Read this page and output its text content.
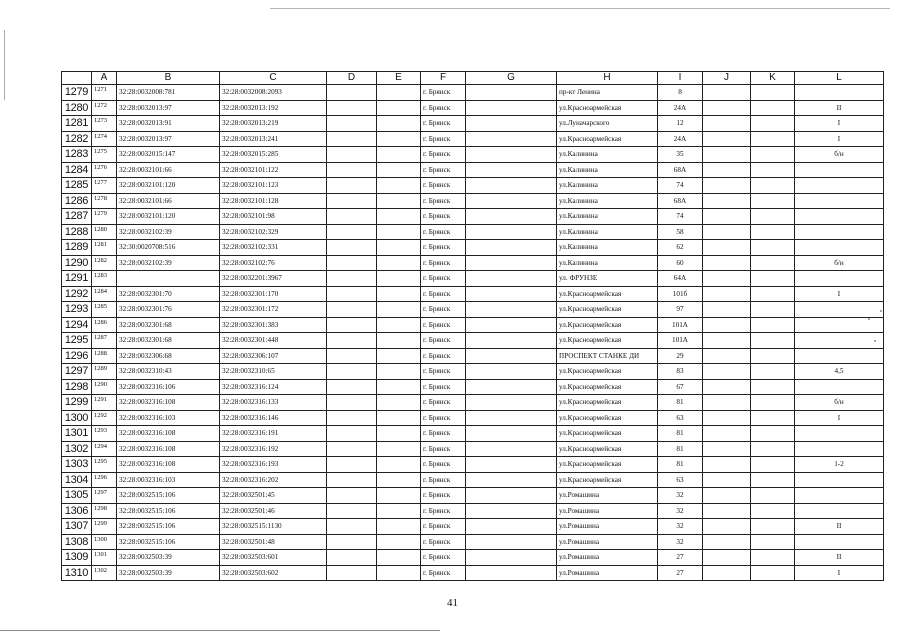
	A	B	C	D	E	F	G	H	I	J	K	L
1279	1271	32:28:0032008:781	32:28:0032008:2093			г. Брянск		пр-кт Ленина	8			
1280	1272	32:28:0032013:97	32:28:0032013:192			г. Брянск		ул.Красноармейская	24А			II
1281	1273	32:28:0032013:91	32:28:0032013:219			г. Брянск		ул.Луначарского	12			I
1282	1274	32:28:0032013:97	32:28:0032013:241			г. Брянск		ул.Красноармейская	24А			I
1283	1275	32:28:0032015:147	32:28:0032015:285			г. Брянск		ул.Калинина	35			б/н
1284	1276	32:28:0032101:66	32:28:0032101:122			г. Брянск		ул.Калинина	68А			
1285	1277	32:28:0032101:120	32:28:0032101:123			г. Брянск		ул.Калинина	74			
1286	1278	32:28:0032101:66	32:28:0032101:128			г. Брянск		ул.Калинина	68А			
1287	1279	32:28:0032101:120	32:28:0032101:98			г. Брянск		ул.Калинина	74			
1288	1280	32:28:0032102:39	32:28:0032102:329			г. Брянск		ул.Калинина	58			
1289	1281	32:30:0020708:516	32:28:0032102:331			г. Брянск		ул.Калинина	62			
1290	1282	32:28:0032102:39	32:28:0032102:76			г. Брянск		ул.Калинина	60			б/н
1291	1283		32:28:0032201:3967			г. Брянск		ул. ФРУНЗЕ	64А			
1292	1284	32:28:0032301:70	32:28:0032301:170			г. Брянск		ул.Красноармейская	101б			I
1293	1285	32:28:0032301:76	32:28:0032301:172			г. Брянск		ул.Красноармейская	97			
1294	1286	32:28:0032301:68	32:28:0032301:383			г. Брянск		ул.Красноармейская	101А			
1295	1287	32:28:0032301:68	32:28:0032301:448			г. Брянск		ул.Красноармейская	101А			
1296	1288	32:28:0032306:68	32:28:0032306:107			г. Брянск		ПРОСПЕКТ СТАНКЕ ДИ	29			
1297	1289	32:28:0032310:43	32:28:0032310:65			г. Брянск		ул.Красноармейская	83			4,5
1298	1290	32:28:0032316:106	32:28:0032316:124			г. Брянск		ул.Красноармейская	67			
1299	1291	32:28:0032316:108	32:28:0032316:133			г. Брянск		ул.Красноармейская	81			б/н
1300	1292	32:28:0032316:103	32:28:0032316:146			г. Брянск		ул.Красноармейская	63			I
1301	1293	32:28:0032316:108	32:28:0032316:191			г. Брянск		ул.Красноармейская	81			
1302	1294	32:28:0032316:108	32:28:0032316:192			г. Брянск		ул.Красноармейская	81			
1303	1295	32:28:0032316:108	32:28:0032316:193			г. Брянск		ул.Красноармейская	81			1-2
1304	1296	32:28:0032316:103	32:28:0032316:202			г. Брянск		ул.Красноармейская	63			
1305	1297	32:28:0032515:106	32:28:0032501:45			г. Брянск		ул.Ромашина	32			
1306	1298	32:28:0032515:106	32:28:0032501:46			г. Брянск		ул.Ромашина	32			
1307	1299	32:28:0032515:106	32:28:0032515:1130			г. Брянск		ул.Ромашина	32			II
1308	1300	32:28:0032515:106	32:28:0032501:48			г. Брянск		ул.Ромашина	32			
1309	1301	32:28:0032503:39	32:28:0032503:601			г. Брянск		ул.Ромашина	27			II
1310	1302	32:28:0032503:39	32:28:0032503:602			г. Брянск		ул.Ромашина	27			I
41
